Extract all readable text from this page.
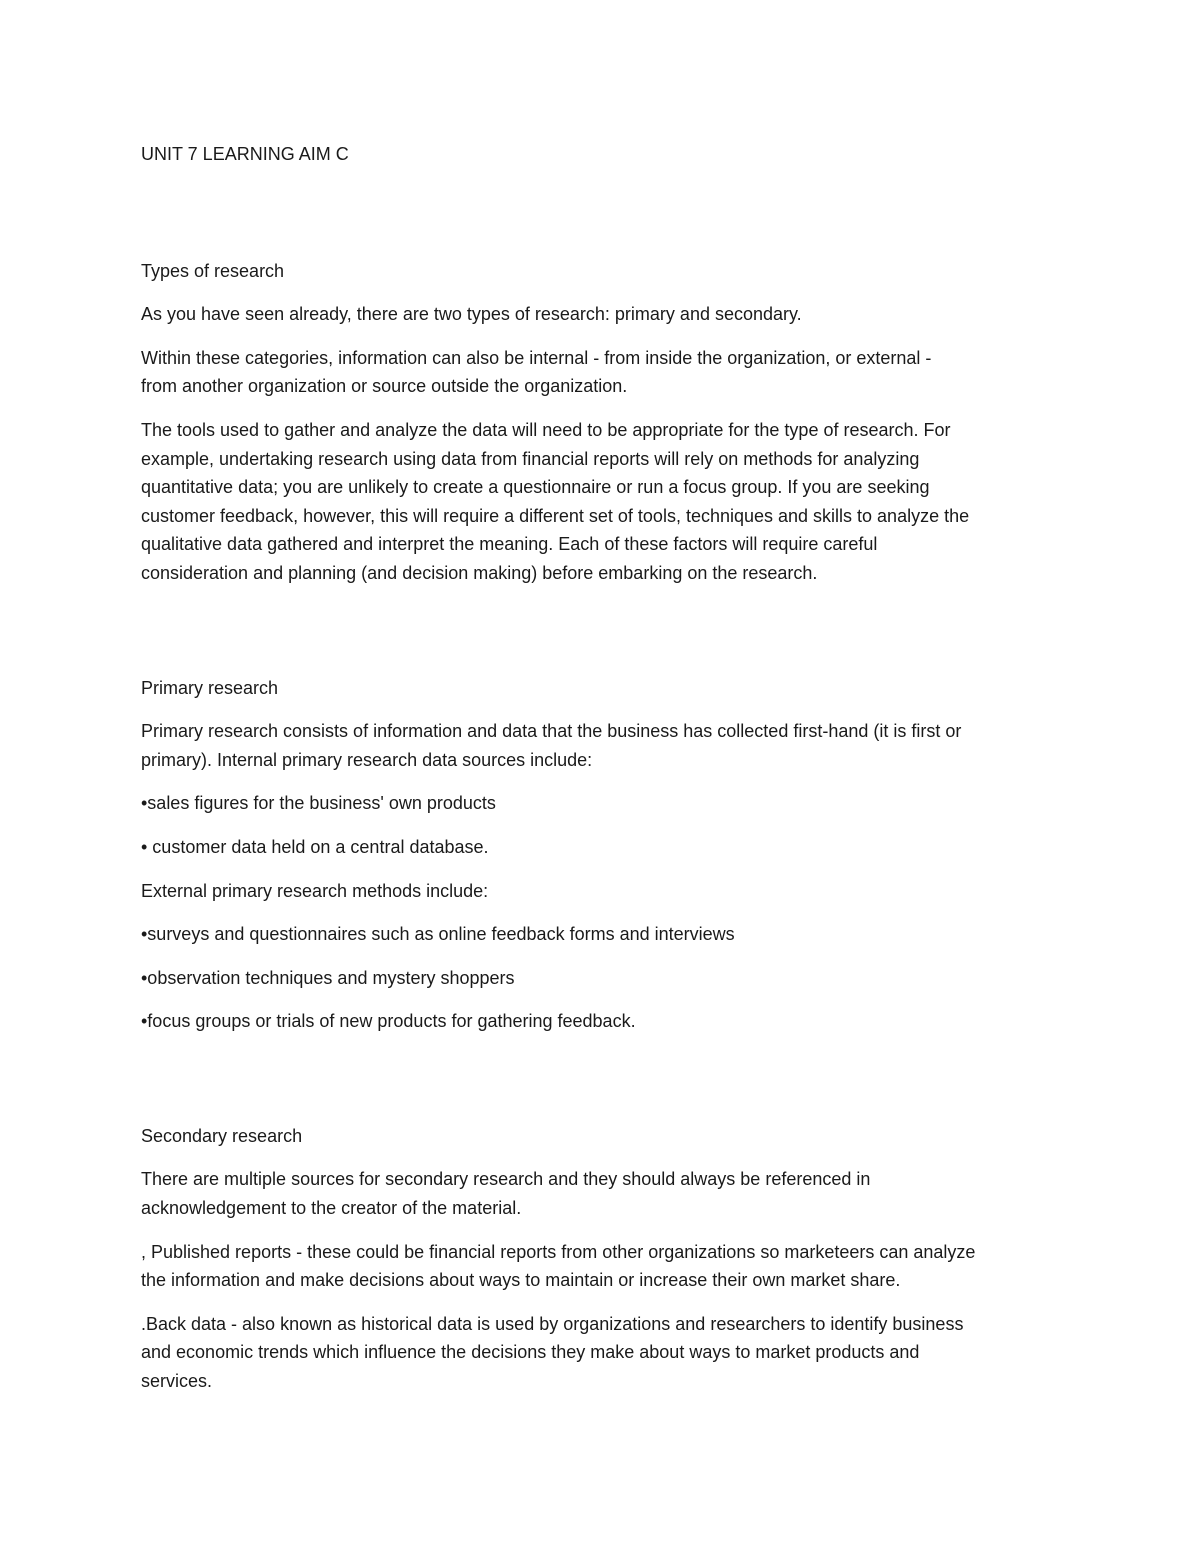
UNIT 7 LEARNING AIM C

Types of research

As you have seen already, there are two types of research: primary and secondary.

Within these categories, information can also be internal - from inside the organization, or external -

from another organization or source outside the organization.

The tools used to gather and analyze the data will need to be appropriate for the type of research. For

example, undertaking research using data from financial reports will rely on methods for analyzing

quantitative data; you are unlikely to create a questionnaire or run a focus group. If you are seeking

customer feedback, however, this will require a different set of tools, techniques and skills to analyze the

qualitative data gathered and interpret the meaning. Each of these factors will require careful

consideration and planning (and decision making) before embarking on the research.

Primary research

Primary research consists of information and data that the business has collected first-hand (it is first or

primary). Internal primary research data sources include:

•sales figures for the business' own products

• customer data held on a central database.

External primary research methods include:

•surveys and questionnaires such as online feedback forms and interviews

•observation techniques and mystery shoppers

•focus groups or trials of new products for gathering feedback.

Secondary research

There are multiple sources for secondary research and they should always be referenced in

acknowledgement to the creator of the material.

, Published reports - these could be financial reports from other organizations so marketeers can analyze

the information and make decisions about ways to maintain or increase their own market share.

.Back data - also known as historical data is used by organizations and researchers to identify business

and economic trends which influence the decisions they make about ways to market products and

services.
